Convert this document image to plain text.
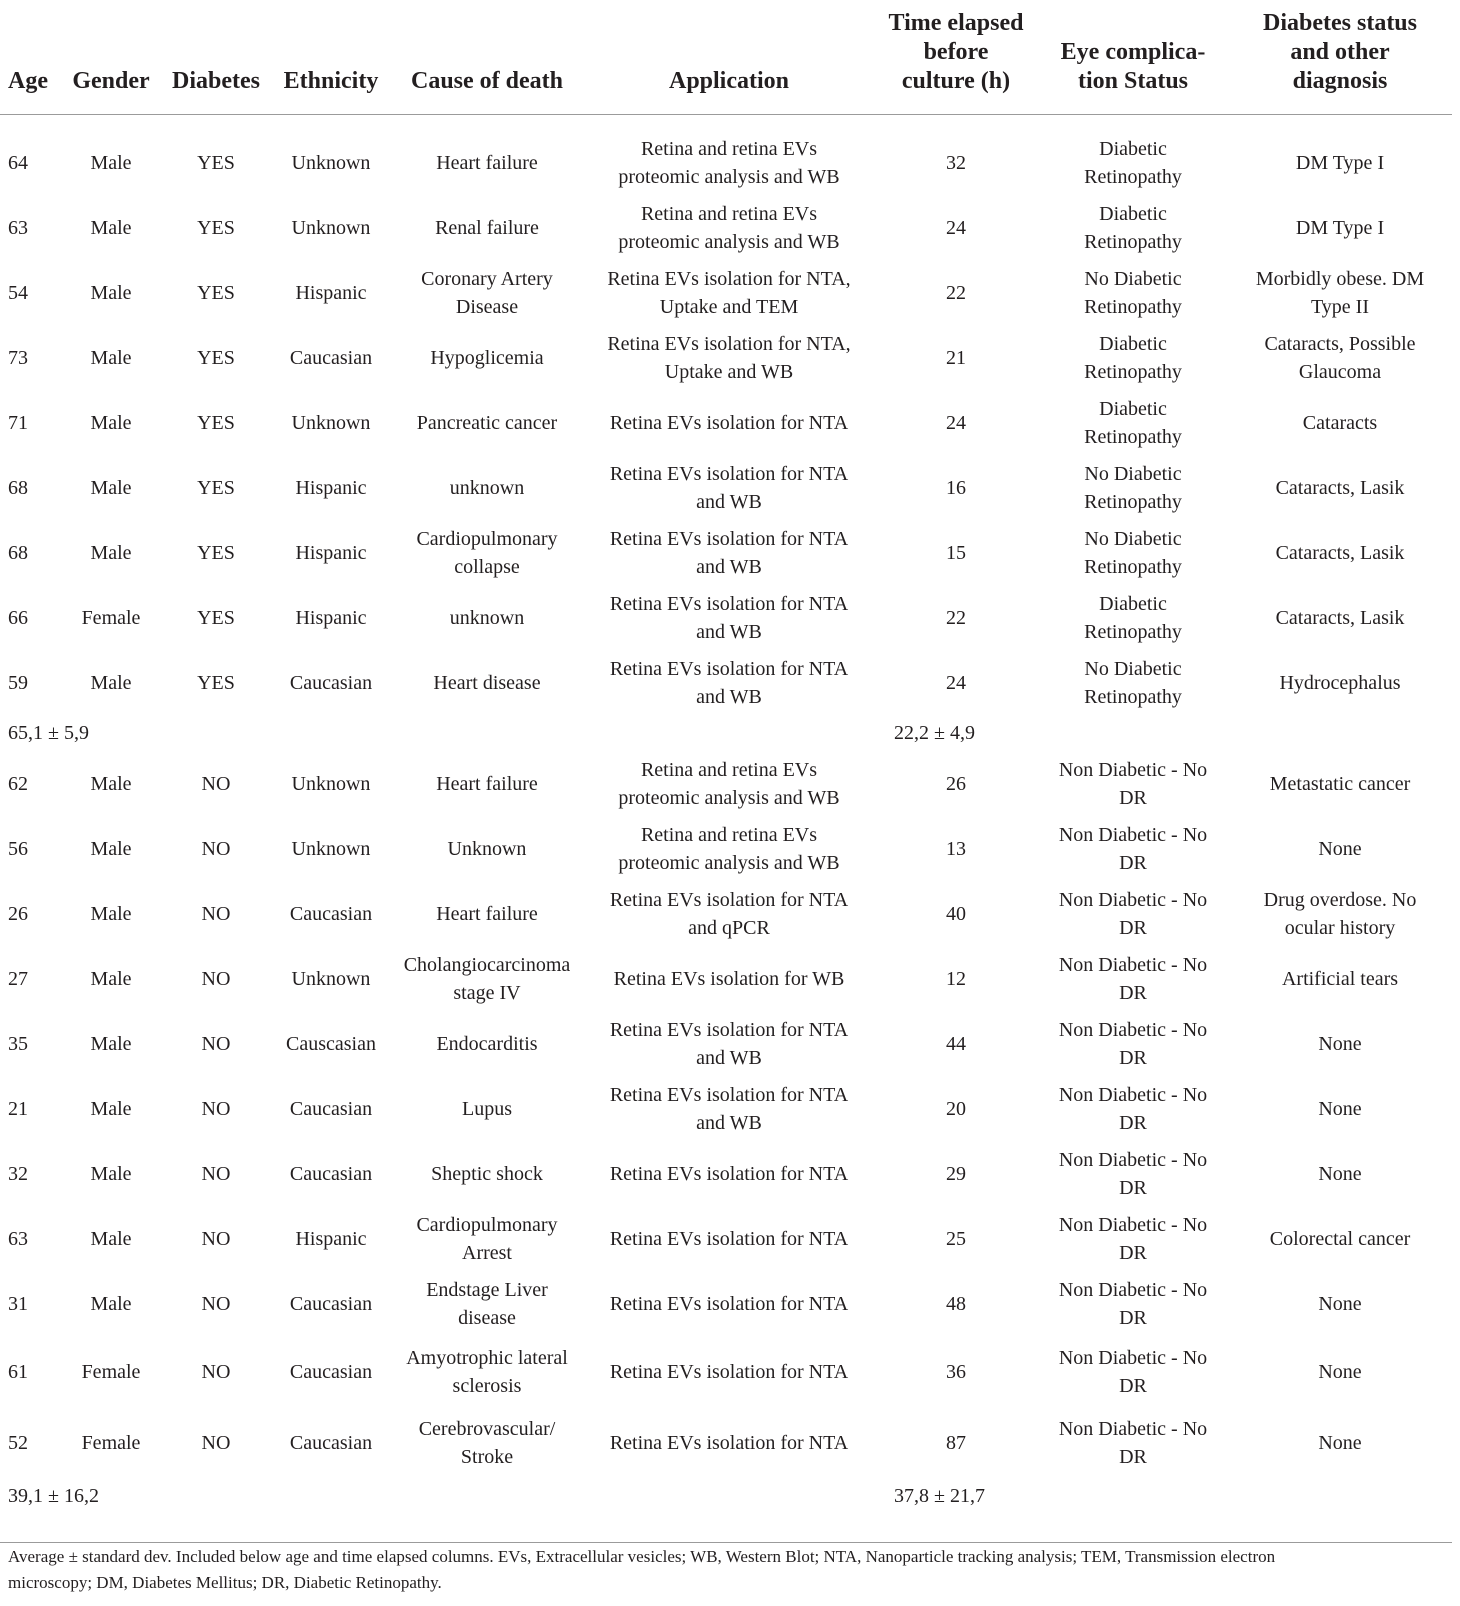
Age	Gender	Diabetes	Ethnicity	Cause of death	Application	Time elapsed
before
culture (h)	Eye complica-
tion Status	Diabetes status
and other
diagnosis

64	Male	YES	Unknown	Heart failure	Retina and retina EVs
proteomic analysis and WB	32	Diabetic
Retinopathy	DM Type I
63	Male	YES	Unknown	Renal failure	Retina and retina EVs
proteomic analysis and WB	24	Diabetic
Retinopathy	DM Type I
54	Male	YES	Hispanic	Coronary Artery
Disease	Retina EVs isolation for NTA,
Uptake and TEM	22	No Diabetic
Retinopathy	Morbidly obese. DM
Type II
73	Male	YES	Caucasian	Hypoglicemia	Retina EVs isolation for NTA,
Uptake and WB	21	Diabetic
Retinopathy	Cataracts, Possible
Glaucoma
71	Male	YES	Unknown	Pancreatic cancer	Retina EVs isolation for NTA	24	Diabetic
Retinopathy	Cataracts
68	Male	YES	Hispanic	unknown	Retina EVs isolation for NTA
and WB	16	No Diabetic
Retinopathy	Cataracts, Lasik
68	Male	YES	Hispanic	Cardiopulmonary
collapse	Retina EVs isolation for NTA
and WB	15	No Diabetic
Retinopathy	Cataracts, Lasik
66	Female	YES	Hispanic	unknown	Retina EVs isolation for NTA
and WB	22	Diabetic
Retinopathy	Cataracts, Lasik
59	Male	YES	Caucasian	Heart disease	Retina EVs isolation for NTA
and WB	24	No Diabetic
Retinopathy	Hydrocephalus
65,1 ± 5,9						22,2 ± 4,9		
62	Male	NO	Unknown	Heart failure	Retina and retina EVs
proteomic analysis and WB	26	Non Diabetic - No
DR	Metastatic cancer
56	Male	NO	Unknown	Unknown	Retina and retina EVs
proteomic analysis and WB	13	Non Diabetic - No
DR	None
26	Male	NO	Caucasian	Heart failure	Retina EVs isolation for NTA
and qPCR	40	Non Diabetic - No
DR	Drug overdose. No
ocular history
27	Male	NO	Unknown	Cholangiocarcinoma
stage IV	Retina EVs isolation for WB	12	Non Diabetic - No
DR	Artificial tears
35	Male	NO	Causcasian	Endocarditis	Retina EVs isolation for NTA
and WB	44	Non Diabetic - No
DR	None
21	Male	NO	Caucasian	Lupus	Retina EVs isolation for NTA
and WB	20	Non Diabetic - No
DR	None
32	Male	NO	Caucasian	Sheptic shock	Retina EVs isolation for NTA	29	Non Diabetic - No
DR	None
63	Male	NO	Hispanic	Cardiopulmonary
Arrest	Retina EVs isolation for NTA	25	Non Diabetic - No
DR	Colorectal cancer
31	Male	NO	Caucasian	Endstage Liver
disease	Retina EVs isolation for NTA	48	Non Diabetic - No
DR	None
61	Female	NO	Caucasian	Amyotrophic lateral
sclerosis	Retina EVs isolation for NTA	36	Non Diabetic - No
DR	None
52	Female	NO	Caucasian	Cerebrovascular/
Stroke	Retina EVs isolation for NTA	87	Non Diabetic - No
DR	None
39,1 ± 16,2						37,8 ± 21,7		

Average ± standard dev. Included below age and time elapsed columns. EVs, Extracellular vesicles; WB, Western Blot; NTA, Nanoparticle tracking analysis; TEM, Transmission electron
microscopy; DM, Diabetes Mellitus; DR, Diabetic Retinopathy.
